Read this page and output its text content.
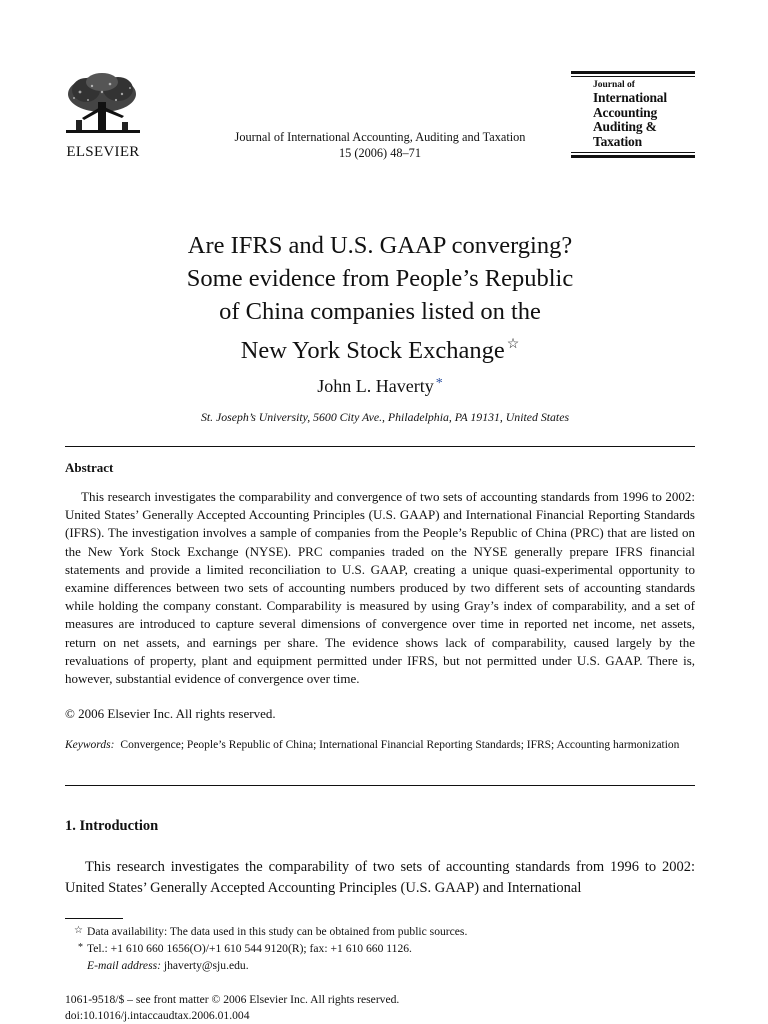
ELSEVIER
Journal of International Accounting, Auditing and Taxation
15 (2006) 48–71
Journal of
International
Accounting
Auditing &
Taxation
Are IFRS and U.S. GAAP converging?
Some evidence from People’s Republic
of China companies listed on the
New York Stock Exchange ☆
John L. Haverty *
St. Joseph’s University, 5600 City Ave., Philadelphia, PA 19131, United States
Abstract
This research investigates the comparability and convergence of two sets of accounting standards from 1996 to 2002: United States’ Generally Accepted Accounting Principles (U.S. GAAP) and International Financial Reporting Standards (IFRS). The investigation involves a sample of companies from the People’s Republic of China (PRC) that are listed on the New York Stock Exchange (NYSE). PRC companies traded on the NYSE generally prepare IFRS financial statements and provide a limited reconciliation to U.S. GAAP, creating a unique quasi-experimental opportunity to examine differences between two sets of accounting numbers produced by two different sets of accounting standards while holding the company constant. Comparability is measured by using Gray’s index of comparability, and a set of measures are introduced to capture several dimensions of convergence over time in reported net income, net assets, return on net assets, and earnings per share. The evidence shows lack of comparability, caused largely by the revaluations of property, plant and equipment permitted under IFRS, but not permitted under U.S. GAAP. There is, however, substantial evidence of convergence over time.
© 2006 Elsevier Inc. All rights reserved.
Keywords: Convergence; People’s Republic of China; International Financial Reporting Standards; IFRS; Accounting harmonization
1. Introduction
This research investigates the comparability of two sets of accounting standards from 1996 to 2002: United States’ Generally Accepted Accounting Principles (U.S. GAAP) and International
☆ Data availability: The data used in this study can be obtained from public sources.
* Tel.: +1 610 660 1656(O)/+1 610 544 9120(R); fax: +1 610 660 1126.
E-mail address: jhaverty@sju.edu.
1061-9518/$ – see front matter © 2006 Elsevier Inc. All rights reserved.
doi:10.1016/j.intaccaudtax.2006.01.004
